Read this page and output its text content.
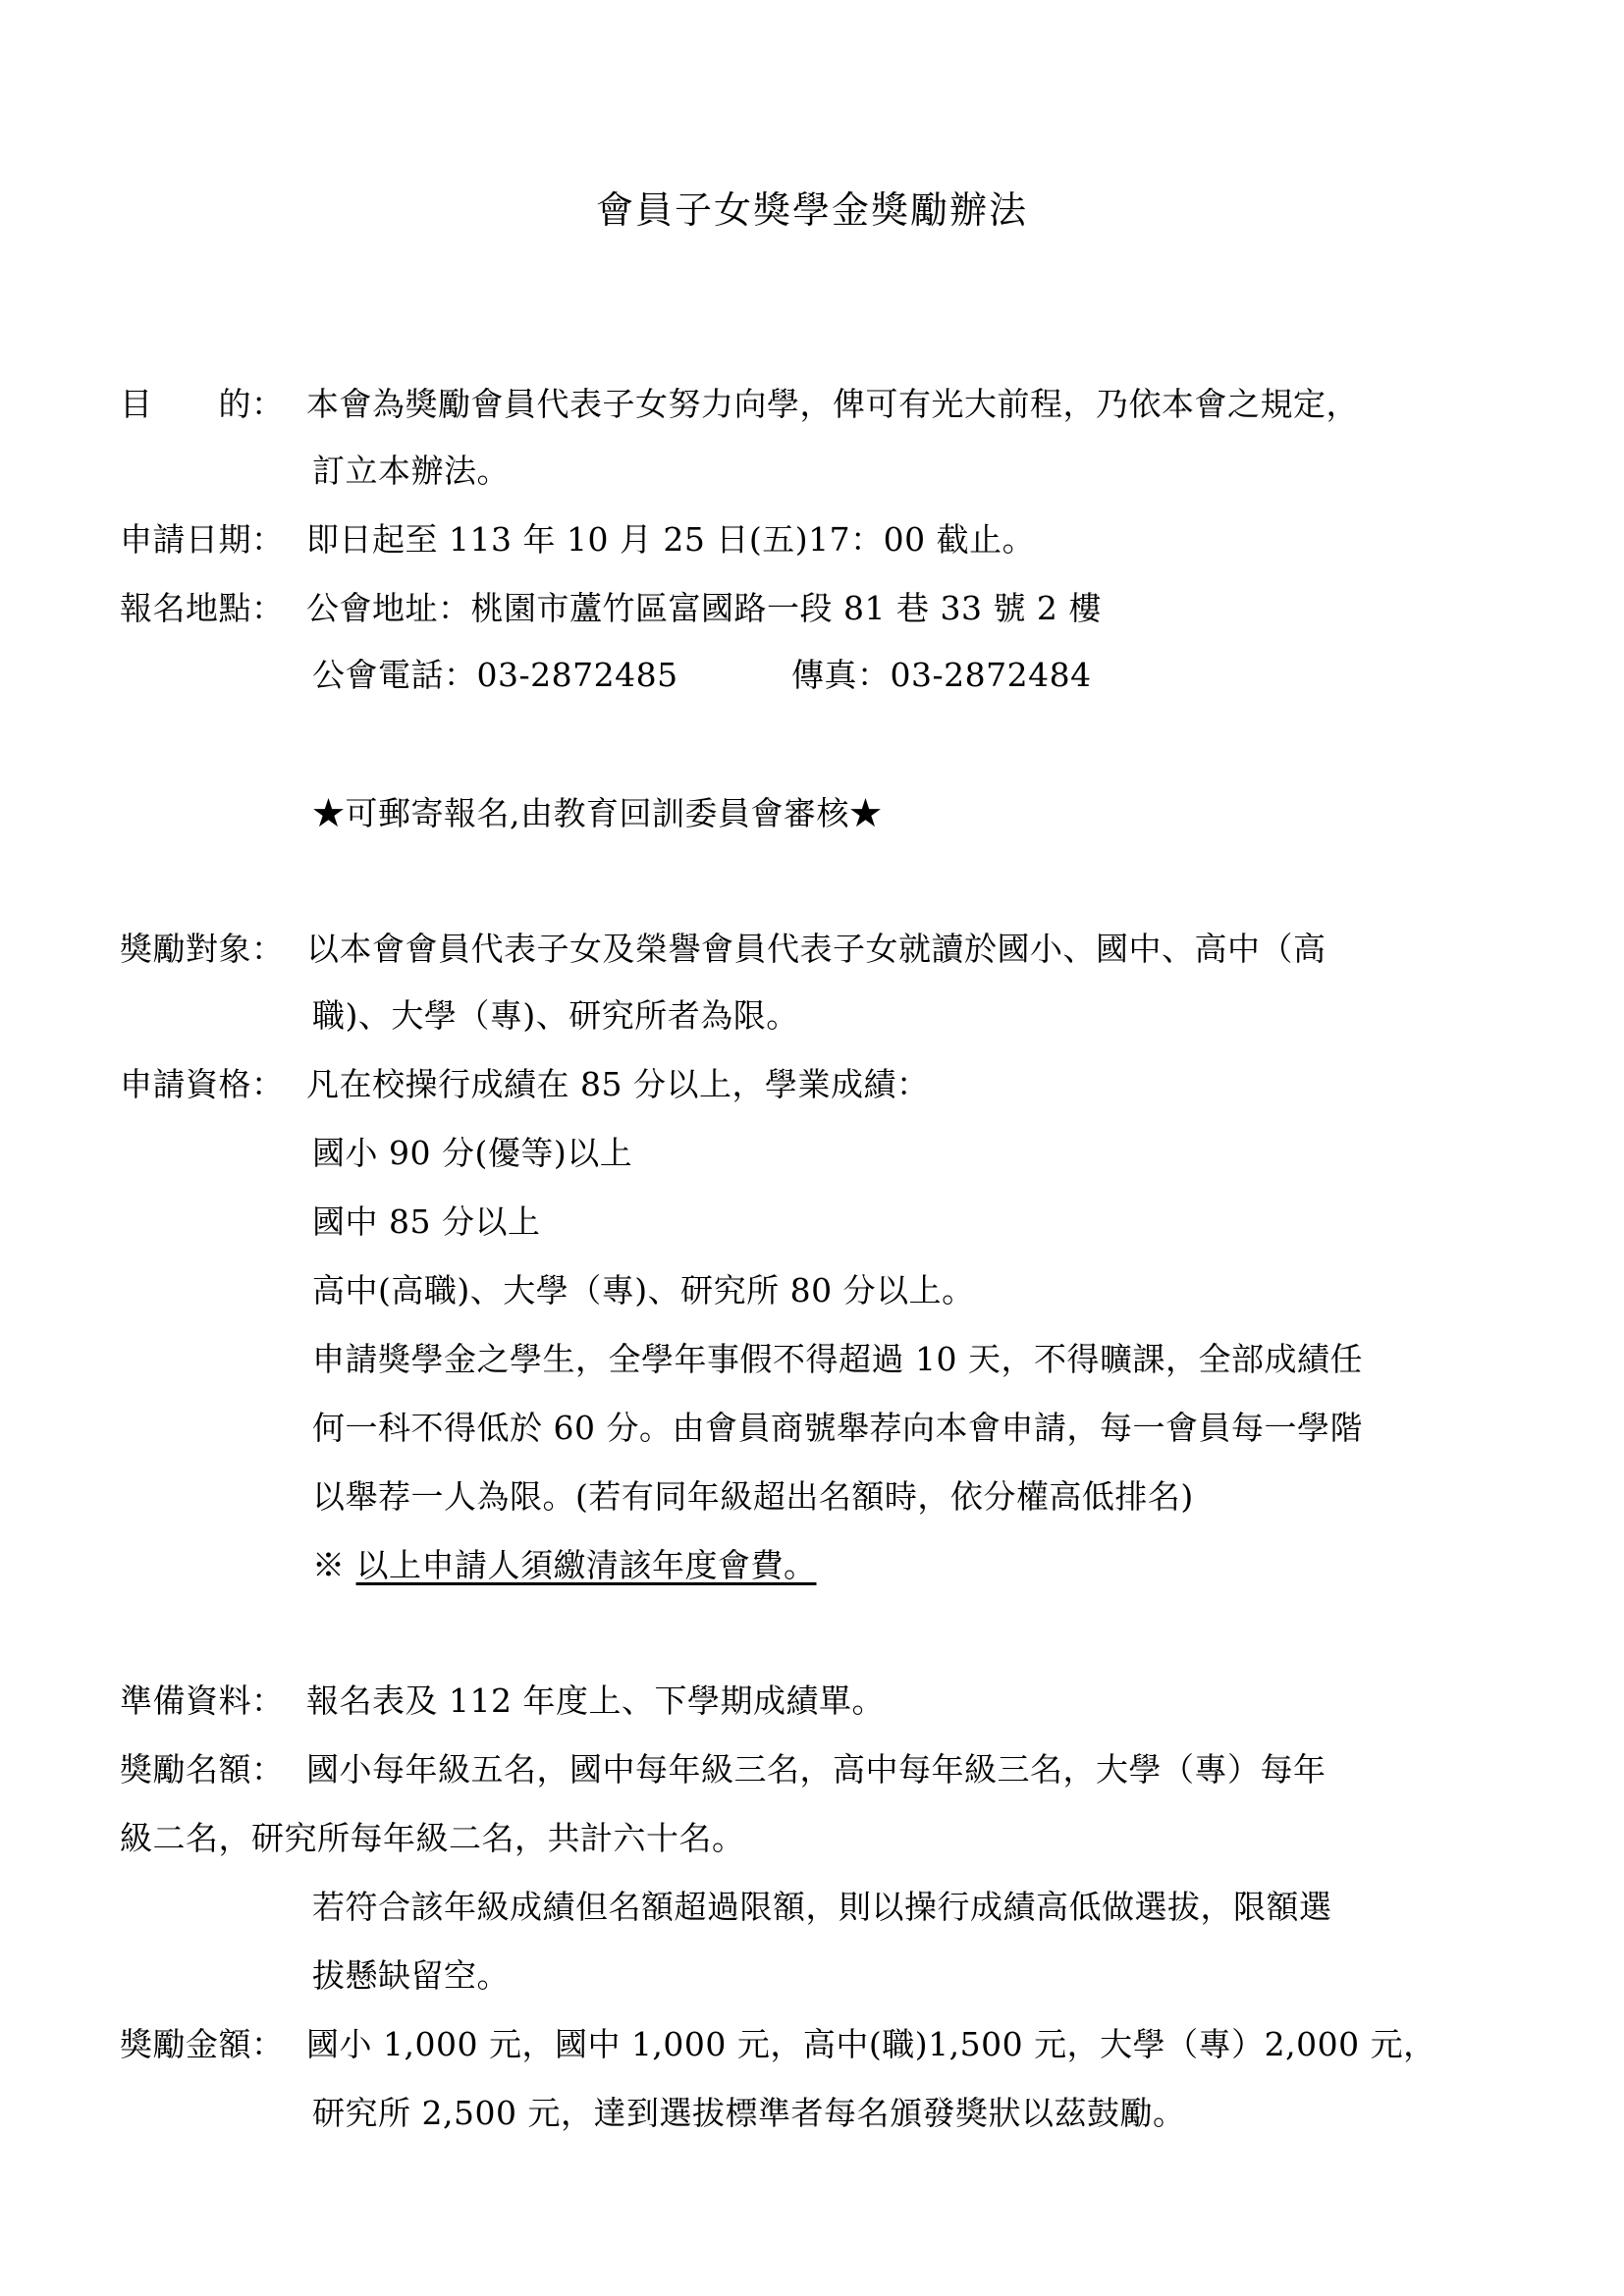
會員子女獎學金獎勵辦法
目　　的： 本會為獎勵會員代表子女努力向學，俾可有光大前程，乃依本會之規定，
訂立本辦法。
申請日期： 即日起至 113 年 10 月 25 日(五)17：00 截止。
報名地點： 公會地址：桃園市蘆竹區富國路一段 81 巷 33 號 2 樓
公會電話：03-2872485	傳真：03-2872484
★可郵寄報名,由教育回訓委員會審核★
獎勵對象： 以本會會員代表子女及榮譽會員代表子女就讀於國小、國中、高中（高
職)、大學（專)、研究所者為限。
申請資格： 凡在校操行成績在 85 分以上，學業成績：
國小 90 分(優等)以上
國中 85 分以上
高中(高職)、大學（專)、研究所 80 分以上。
申請獎學金之學生，全學年事假不得超過 10 天，不得曠課，全部成績任
何一科不得低於 60 分。由會員商號舉荐向本會申請，每一會員每一學階
以舉荐一人為限。(若有同年級超出名額時，依分權高低排名)
※ 以上申請人須繳清該年度會費。
準備資料： 報名表及 112 年度上、下學期成績單。
獎勵名額： 國小每年級五名，國中每年級三名，高中每年級三名，大學（專）每年
級二名，研究所每年級二名，共計六十名。
若符合該年級成績但名額超過限額，則以操行成績高低做選拔，限額選
拔懸缺留空。
獎勵金額： 國小 1,000 元，國中 1,000 元，高中(職)1,500 元，大學（專）2,000 元，
研究所 2,500 元，達到選拔標準者每名頒發獎狀以茲鼓勵。
